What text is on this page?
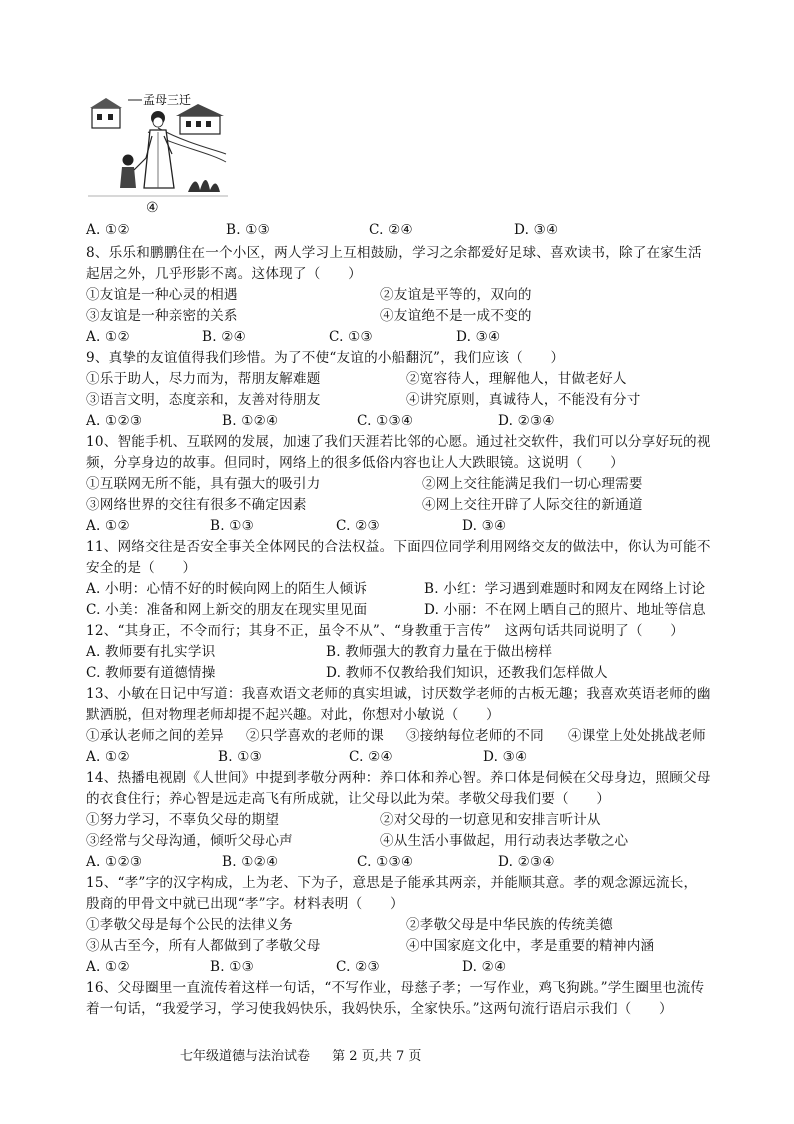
孟母三迁
④
A. ①②	B. ①③	C. ②④	D. ③④
8、乐乐和鹏鹏住在一个小区，两人学习上互相鼓励，学习之余都爱好足球、喜欢读书，除了在家生活
起居之外，几乎形影不离。这体现了（　　）
①友谊是一种心灵的相遇	②友谊是平等的，双向的
③友谊是一种亲密的关系	④友谊绝不是一成不变的
A. ①②	B. ②④	C. ①③	D. ③④
9、真挚的友谊值得我们珍惜。为了不使“友谊的小船翻沉”，我们应该（　　）
①乐于助人，尽力而为，帮朋友解难题	②宽容待人，理解他人，甘做老好人
③语言文明，态度亲和，友善对待朋友	④讲究原则，真诚待人，不能没有分寸
A. ①②③	B. ①②④	C. ①③④	D. ②③④
10、智能手机、互联网的发展，加速了我们天涯若比邻的心愿。通过社交软件，我们可以分享好玩的视
频，分享身边的故事。但同时，网络上的很多低俗内容也让人大跌眼镜。这说明（　　）
①互联网无所不能，具有强大的吸引力	②网上交往能满足我们一切心理需要
③网络世界的交往有很多不确定因素	④网上交往开辟了人际交往的新通道
A. ①②	B. ①③	C. ②③	D. ③④
11、网络交往是否安全事关全体网民的合法权益。下面四位同学利用网络交友的做法中，你认为可能不
安全的是（　　）
A. 小明：心情不好的时候向网上的陌生人倾诉	B. 小红：学习遇到难题时和网友在网络上讨论
C. 小美：准备和网上新交的朋友在现实里见面	D. 小丽：不在网上晒自己的照片、地址等信息
12、“其身正，不令而行；其身不正，虽令不从”、“身教重于言传”　这两句话共同说明了（　　）
A. 教师要有扎实学识	B. 教师强大的教育力量在于做出榜样
C. 教师要有道德情操	D. 教师不仅教给我们知识，还教我们怎样做人
13、小敏在日记中写道：我喜欢语文老师的真实坦诚，讨厌数学老师的古板无趣；我喜欢英语老师的幽
默洒脱，但对物理老师却提不起兴趣。对此，你想对小敏说（　　）
①承认老师之间的差异 ②只学喜欢的老师的课 ③接纳每位老师的不同 ④课堂上处处挑战老师
A. ①②	B. ①③	C. ②④	D. ③④
14、热播电视剧《人世间》中提到孝敬分两种：养口体和养心智。养口体是伺候在父母身边，照顾父母
的衣食住行；养心智是远走高飞有所成就，让父母以此为荣。孝敬父母我们要（　　）
①努力学习，不辜负父母的期望	②对父母的一切意见和安排言听计从
③经常与父母沟通，倾听父母心声	④从生活小事做起，用行动表达孝敬之心
A. ①②③	B. ①②④	C. ①③④	D. ②③④
15、“孝”字的汉字构成，上为老、下为子，意思是子能承其两亲，并能顺其意。孝的观念源远流长，
殷商的甲骨文中就已出现“孝”字。材料表明（　　）
①孝敬父母是每个公民的法律义务	②孝敬父母是中华民族的传统美德
③从古至今，所有人都做到了孝敬父母	④中国家庭文化中，孝是重要的精神内涵
A. ①②	B. ①③	C. ②③	D. ②④
16、父母圈里一直流传着这样一句话，“不写作业，母慈子孝；一写作业，鸡飞狗跳。”学生圈里也流传
着一句话，“我爱学习，学习使我妈快乐，我妈快乐，全家快乐。”这两句流行语启示我们（　　）
七年级道德与法治试卷 第 2 页,共 7 页
